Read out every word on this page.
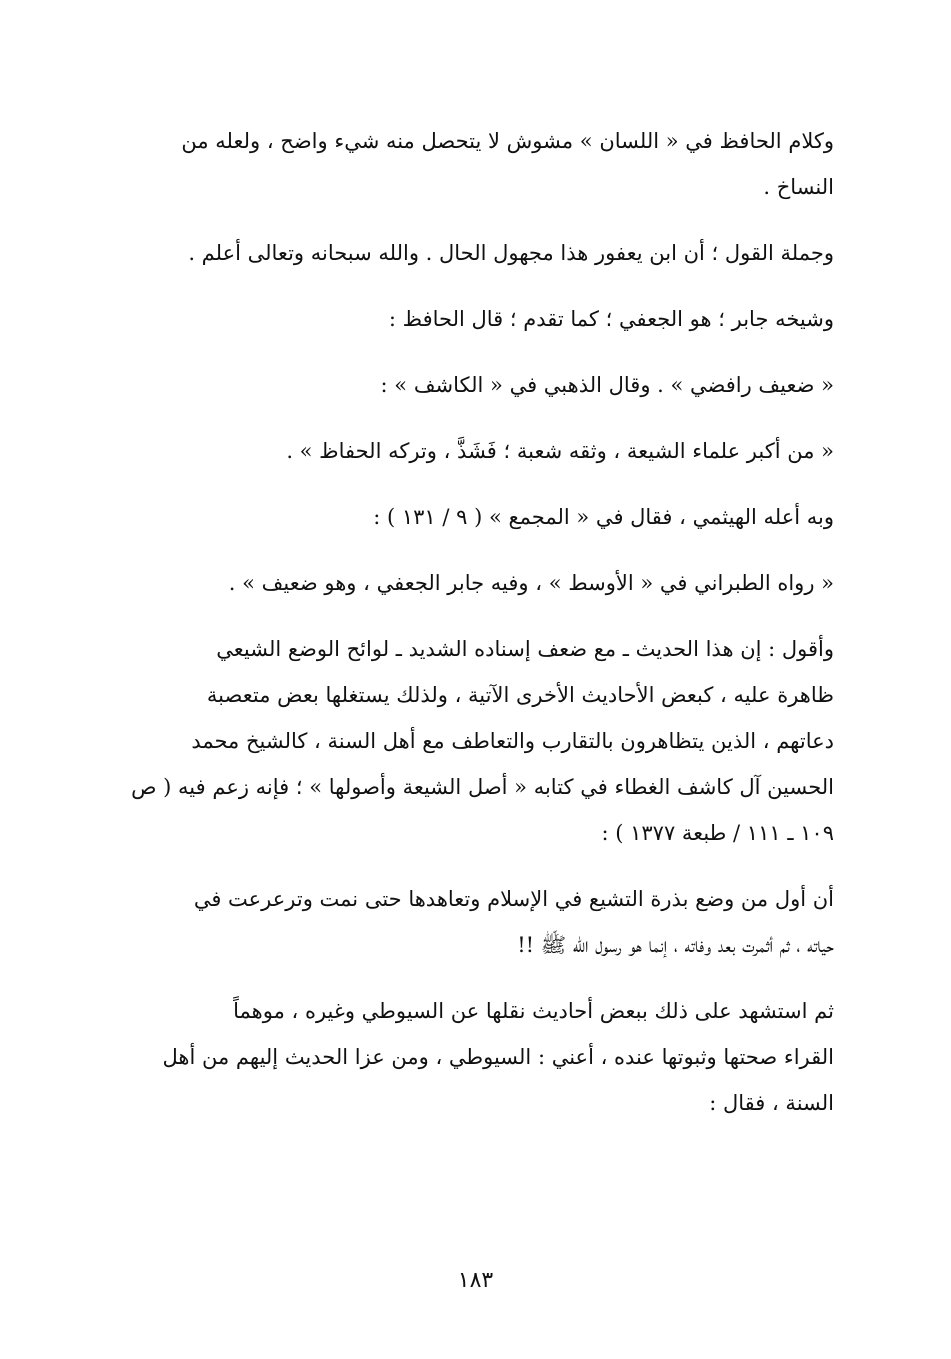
وكلام الحافظ في « اللسان » مشوش لا يتحصل منه شيء واضح ، ولعله من
النساخ .

وجملة القول ؛ أن ابن يعفور هذا مجهول الحال . والله سبحانه وتعالى أعلم .

وشيخه جابر ؛ هو الجعفي ؛ كما تقدم ؛ قال الحافظ :

« ضعيف رافضي » . وقال الذهبي في « الكاشف » :

« من أكبر علماء الشيعة ، وثقه شعبة ؛ فَشَذَّ ، وتركه الحفاظ » .

وبه أعله الهيثمي ، فقال في « المجمع » ( ٩ / ١٣١ ) :

« رواه الطبراني في « الأوسط » ، وفيه جابر الجعفي ، وهو ضعيف » .

وأقول : إن هذا الحديث ـ مع ضعف إسناده الشديد ـ لوائح الوضع الشيعي
ظاهرة عليه ، كبعض الأحاديث الأخرى الآتية ، ولذلك يستغلها بعض متعصبة
دعاتهم ، الذين يتظاهرون بالتقارب والتعاطف مع أهل السنة ، كالشيخ محمد
الحسين آل كاشف الغطاء في كتابه « أصل الشيعة وأصولها » ؛ فإنه زعم فيه ( ص
١٠٩ ـ ١١١ / طبعة ١٣٧٧ ) :

أن أول من وضع بذرة التشيع في الإسلام وتعاهدها حتى نمت وترعرعت في
حياته ، ثم أثمرت بعد وفاته ، إنما هو رسول الله ﷺ !!

ثم استشهد على ذلك ببعض أحاديث نقلها عن السيوطي وغيره ، موهماً
القراء صحتها وثبوتها عنده ، أعني : السيوطي ، ومن عزا الحديث إليهم من أهل
السنة ، فقال :

١٨٣
